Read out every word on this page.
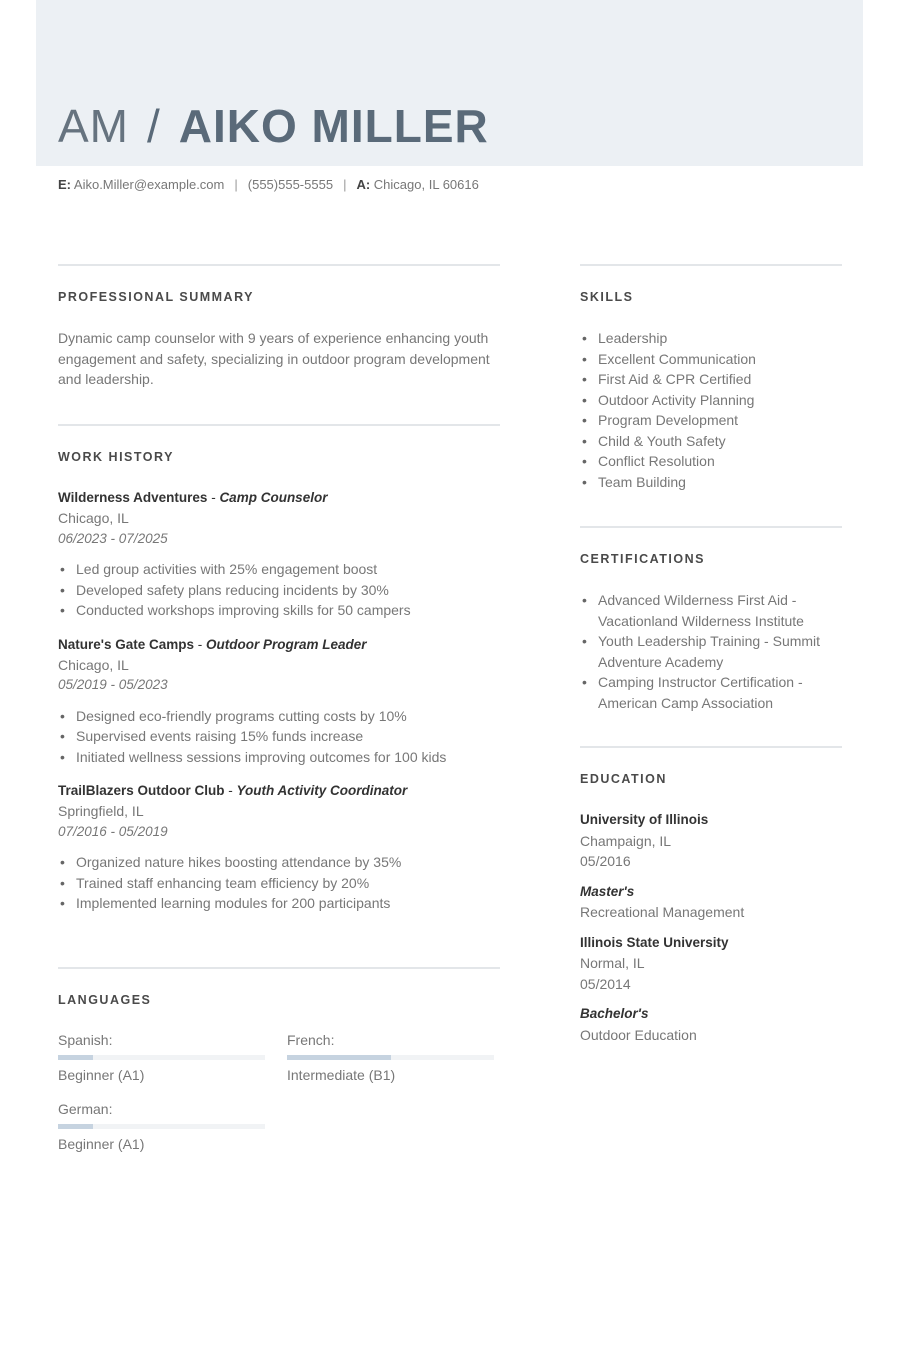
AM / AIKO MILLER
E: Aiko.Miller@example.com | (555)555-5555 | A: Chicago, IL 60616
PROFESSIONAL SUMMARY

Dynamic camp counselor with 9 years of experience enhancing youth engagement and safety, specializing in outdoor program development and leadership.

WORK HISTORY
Wilderness Adventures - Camp Counselor
Chicago, IL
06/2023 - 07/2025
• Led group activities with 25% engagement boost
• Developed safety plans reducing incidents by 30%
• Conducted workshops improving skills for 50 campers
Nature's Gate Camps - Outdoor Program Leader
Chicago, IL
05/2019 - 05/2023
• Designed eco-friendly programs cutting costs by 10%
• Supervised events raising 15% funds increase
• Initiated wellness sessions improving outcomes for 100 kids
TrailBlazers Outdoor Club - Youth Activity Coordinator
Springfield, IL
07/2016 - 05/2019
• Organized nature hikes boosting attendance by 35%
• Trained staff enhancing team efficiency by 20%
• Implemented learning modules for 200 participants
LANGUAGES
Spanish:
Beginner (A1)
French:
Intermediate (B1)
German:
Beginner (A1)
SKILLS
• Leadership
• Excellent Communication
• First Aid & CPR Certified
• Outdoor Activity Planning
• Program Development
• Child & Youth Safety
• Conflict Resolution
• Team Building
CERTIFICATIONS
• Advanced Wilderness First Aid - Vacationland Wilderness Institute
• Youth Leadership Training - Summit Adventure Academy
• Camping Instructor Certification - American Camp Association
EDUCATION
University of Illinois
Champaign, IL
05/2016
Master's
Recreational Management
Illinois State University
Normal, IL
05/2014
Bachelor's
Outdoor Education
